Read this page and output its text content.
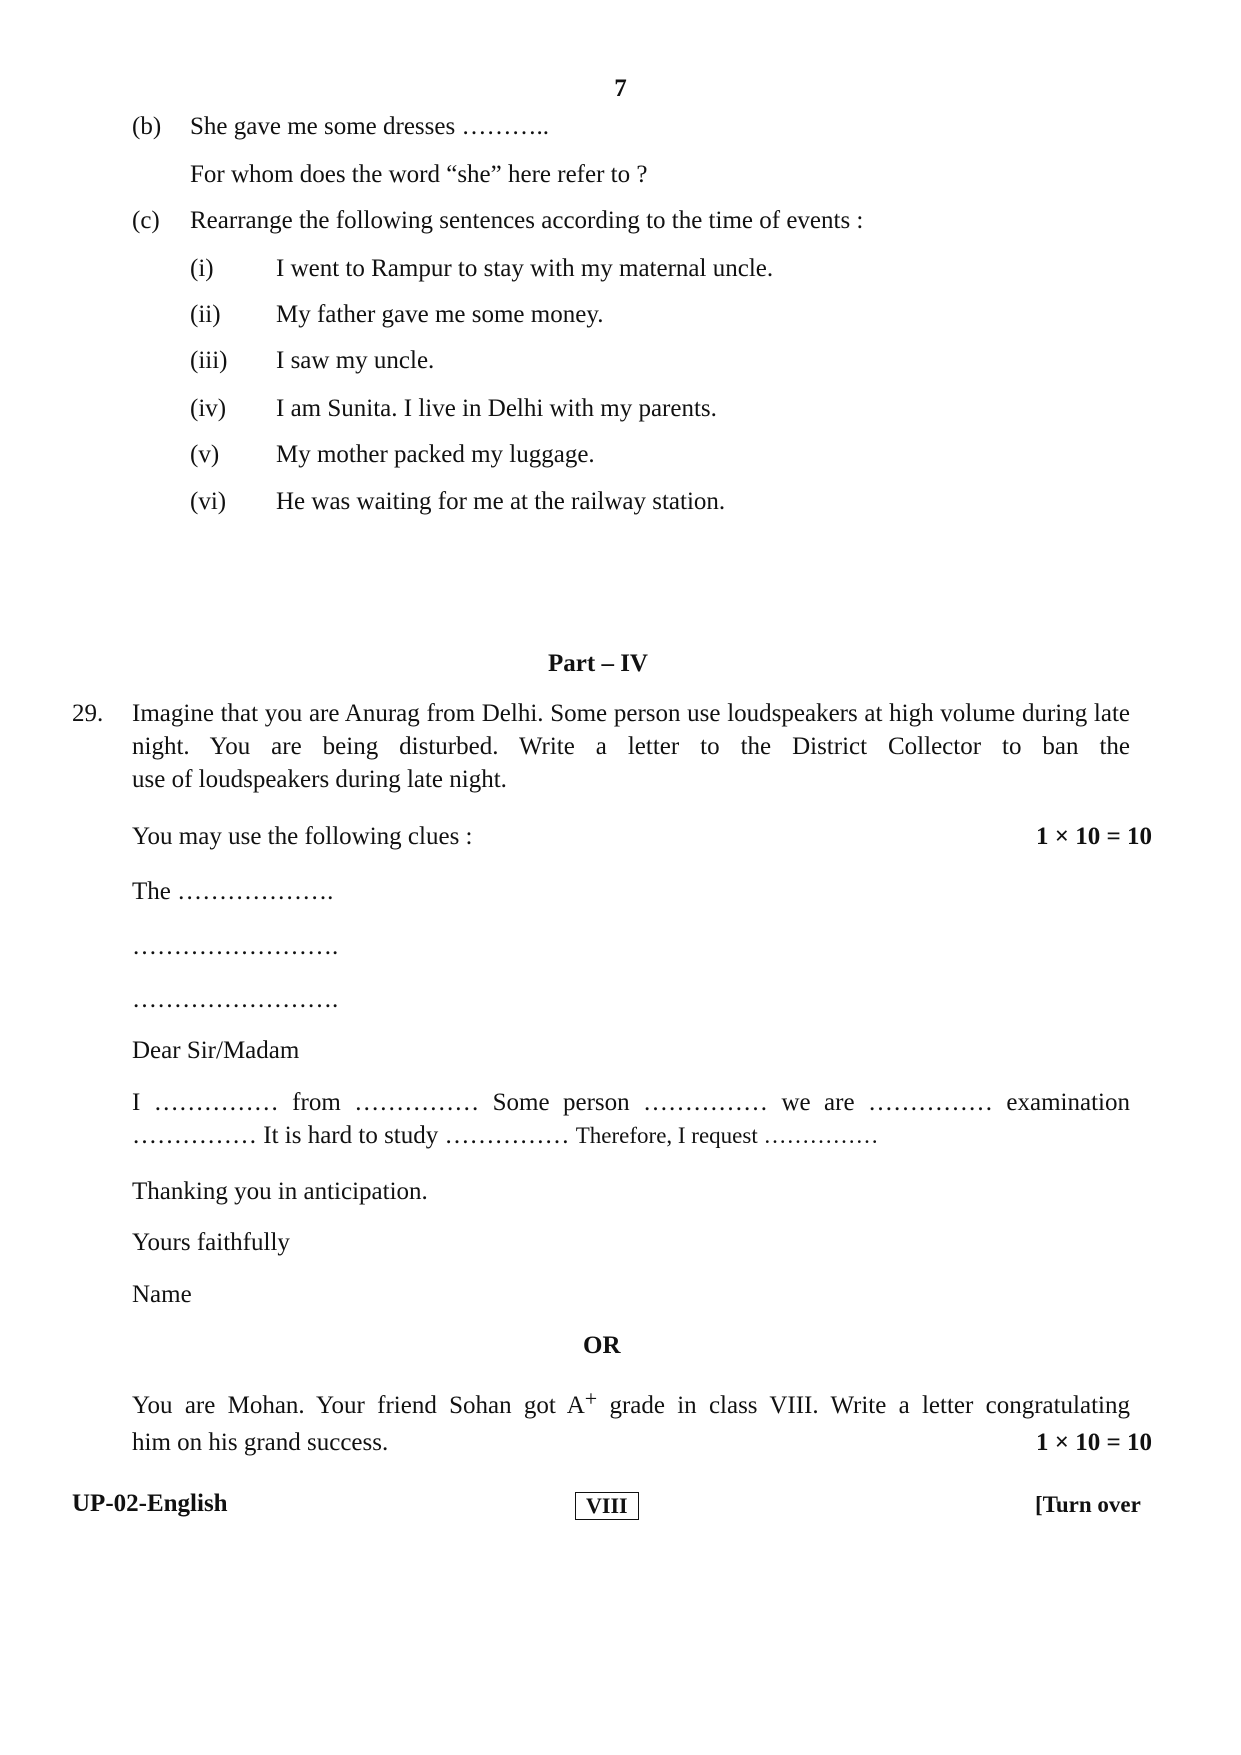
7
(b) She gave me some dresses ………..
For whom does the word “she” here refer to ?
(c) Rearrange the following sentences according to the time of events :
(i) I went to Rampur to stay with my maternal uncle.
(ii) My father gave me some money.
(iii) I saw my uncle.
(iv) I am Sunita. I live in Delhi with my parents.
(v) My mother packed my luggage.
(vi) He was waiting for me at the railway station.
Part – IV
29. Imagine that you are Anurag from Delhi. Some person use loudspeakers at high volume during late night. You are being disturbed. Write a letter to the District Collector to ban the
use of loudspeakers during late night.
You may use the following clues :	1 × 10 = 10
The ……………….
…………………….
…………………….
Dear Sir/Madam
I …………… from …………… Some person …………… we are …………… examination
…………… It is hard to study …………… Therefore, I request ……………
Thanking you in anticipation.
Yours faithfully
Name
OR
You are Mohan. Your friend Sohan got A+ grade in class VIII. Write a letter congratulating
him on his grand success.	1 × 10 = 10
UP-02-English	VIII	[Turn over
